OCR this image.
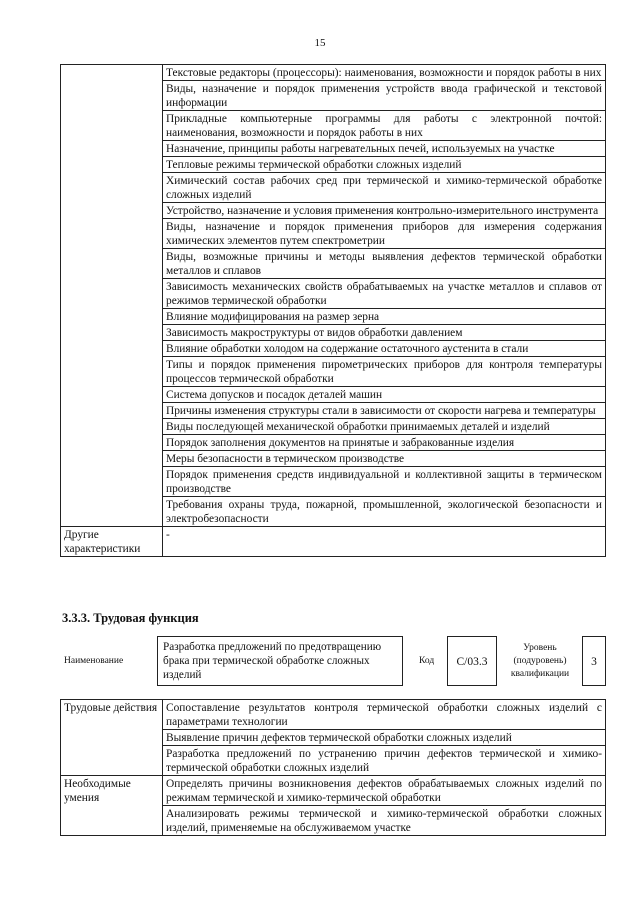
15
	Текстовые редакторы (процессоры): наименования, возможности и порядок работы в них
	Виды, назначение и порядок применения устройств ввода графической и текстовой информации
	Прикладные компьютерные программы для работы с электронной почтой: наименования, возможности и порядок работы в них
	Назначение, принципы работы нагревательных печей, используемых на участке
	Тепловые режимы термической обработки сложных изделий
	Химический состав рабочих сред при термической и химико-термической обработке сложных изделий
	Устройство, назначение и условия применения контрольно-измерительного инструмента
	Виды, назначение и порядок применения приборов для измерения содержания химических элементов путем спектрометрии
	Виды, возможные причины и методы выявления дефектов термической обработки металлов и сплавов
	Зависимость механических свойств обрабатываемых на участке металлов и сплавов от режимов термической обработки
	Влияние модифицирования на размер зерна
	Зависимость макроструктуры от видов обработки давлением
	Влияние обработки холодом на содержание остаточного аустенита в стали
	Типы и порядок применения пирометрических приборов для контроля температуры процессов термической обработки
	Система допусков и посадок деталей машин
	Причины изменения структуры стали в зависимости от скорости нагрева и температуры
	Виды последующей механической обработки принимаемых деталей и изделий
	Порядок заполнения документов на принятые и забракованные изделия
	Меры безопасности в термическом производстве
	Порядок применения средств индивидуальной и коллективной защиты в термическом производстве
	Требования охраны труда, пожарной, промышленной, экологической безопасности и электробезопасности
Другие характеристики	-
3.3.3. Трудовая функция
Наименование
Разработка предложений по предотвращению брака при термической обработке сложных изделий
Код	C/03.3
Уровень (подуровень) квалификации
3
Трудовые действия	Сопоставление результатов контроля термической обработки сложных изделий с параметрами технологии
	Выявление причин дефектов термической обработки сложных изделий
	Разработка предложений по устранению причин дефектов термической и химико-термической обработки сложных изделий
Необходимые умения	Определять причины возникновения дефектов обрабатываемых сложных изделий по режимам термической и химико-термической обработки
	Анализировать режимы термической и химико-термической обработки сложных изделий, применяемые на обслуживаемом участке
